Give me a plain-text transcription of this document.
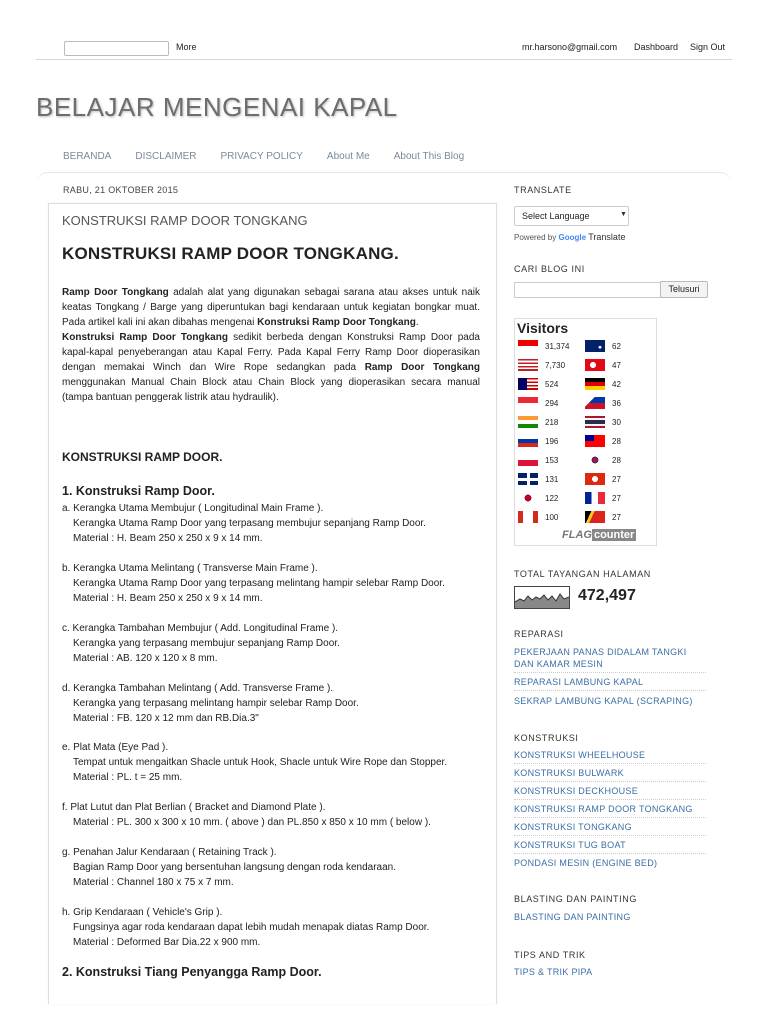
More	mr.harsono@gmail.com Dashboard Sign Out
BELAJAR MENGENAI KAPAL
BERANDA DISCLAIMER PRIVACY POLICY About Me About This Blog
RABU, 21 OKTOBER 2015
KONSTRUKSI RAMP DOOR TONGKANG
KONSTRUKSI RAMP DOOR TONGKANG.
Ramp Door Tongkang adalah alat yang digunakan sebagai sarana atau akses untuk naik keatas Tongkang / Barge yang diperuntukan bagi kendaraan untuk kegiatan bongkar muat. Pada artikel kali ini akan dibahas mengenai Konstruksi Ramp Door Tongkang.
Konstruksi Ramp Door Tongkang sedikit berbeda dengan Konstruksi Ramp Door pada kapal-kapal penyeberangan atau Kapal Ferry. Pada Kapal Ferry Ramp Door dioperasikan dengan memakai Winch dan Wire Rope sedangkan pada Ramp Door Tongkang menggunakan Manual Chain Block atau Chain Block yang dioperasikan secara manual (tampa bantuan penggerak listrik atau hydraulik).
KONSTRUKSI RAMP DOOR.
1. Konstruksi Ramp Door.
a. Kerangka Utama Membujur ( Longitudinal Main Frame ).
Kerangka Utama Ramp Door yang terpasang membujur sepanjang Ramp Door.
Material : H. Beam 250 x 250 x 9 x 14 mm.
b. Kerangka Utama Melintang ( Transverse Main Frame ).
Kerangka Utama Ramp Door yang terpasang melintang hampir selebar Ramp Door.
Material : H. Beam 250 x 250 x 9 x 14 mm.
c. Kerangka Tambahan Membujur ( Add. Longitudinal Frame ).
Kerangka yang terpasang membujur sepanjang Ramp Door.
Material : AB. 120 x 120 x 8 mm.
d. Kerangka Tambahan Melintang ( Add. Transverse Frame ).
Kerangka yang terpasang melintang hampir selebar Ramp Door.
Material : FB. 120 x 12 mm dan RB.Dia.3"
e. Plat Mata (Eye Pad ).
Tempat untuk mengaitkan Shacle untuk Hook, Shacle untuk Wire Rope dan Stopper.
Material : PL. t = 25 mm.
f. Plat Lutut dan Plat Berlian ( Bracket and Diamond Plate ).
Material : PL. 300 x 300 x 10 mm. ( above ) dan PL.850 x 850 x 10 mm ( below ).
g. Penahan Jalur Kendaraan ( Retaining Track ).
Bagian Ramp Door yang bersentuhan langsung dengan roda kendaraan.
Material : Channel 180 x 75 x 7 mm.
h. Grip Kendaraan ( Vehicle's Grip ).
Fungsinya agar roda kendaraan dapat lebih mudah menapak diatas Ramp Door.
Material : Deformed Bar Dia.22 x 900 mm.
2. Konstruksi Tiang Penyangga Ramp Door.
TRANSLATE
Select Language	▼
Powered by Google Translate
CARI BLOG INI
Telusuri
Visitors
31,374	62
7,730	47
524	42
294	36
218	30
196	28
153	28
131	27
122	27
100	27
FLAG counter
TOTAL TAYANGAN HALAMAN
472,497
REPARASI
PEKERJAAN PANAS DIDALAM TANGKI DAN KAMAR MESIN
REPARASI LAMBUNG KAPAL
SEKRAP LAMBUNG KAPAL (SCRAPING)
KONSTRUKSI
KONSTRUKSI WHEELHOUSE
KONSTRUKSI BULWARK
KONSTRUKSI DECKHOUSE
KONSTRUKSI RAMP DOOR TONGKANG
KONSTRUKSI TONGKANG
KONSTRUKSI TUG BOAT
PONDASI MESIN (ENGINE BED)
BLASTING DAN PAINTING
BLASTING DAN PAINTING
TIPS AND TRIK
TIPS & TRIK PIPA
